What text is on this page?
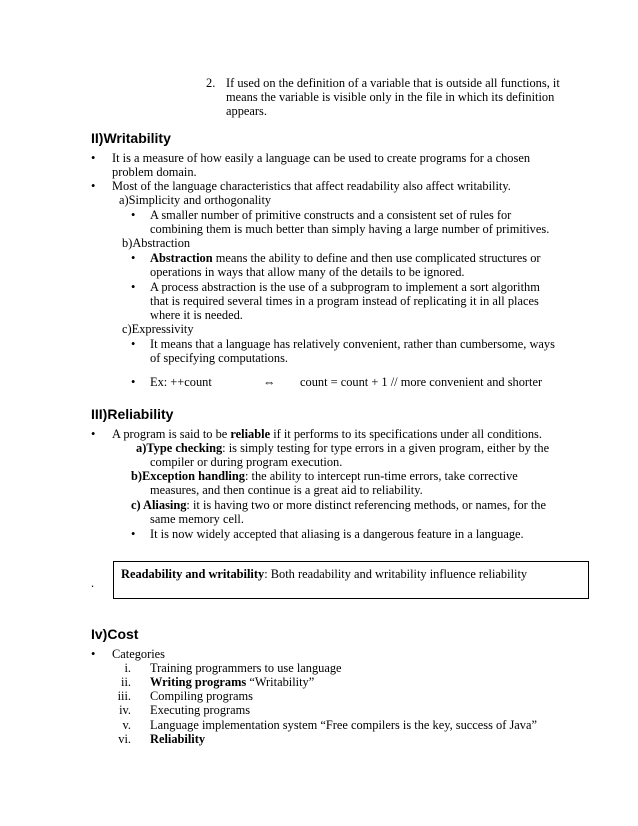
2. If used on the definition of a variable that is outside all functions, it
means the variable is visible only in the file in which its definition
appears.
II)Writability
•	It is a measure of how easily a language can be used to create programs for a chosen
problem domain.
•	Most of the language characteristics that affect readability also affect writability.
a)Simplicity and orthogonality
•	A smaller number of primitive constructs and a consistent set of rules for
combining them is much better than simply having a large number of primitives.
b)Abstraction
•	Abstraction means the ability to define and then use complicated structures or
operations in ways that allow many of the details to be ignored.
•	A process abstraction is the use of a subprogram to implement a sort algorithm
that is required several times in a program instead of replicating it in all places
where it is needed.
c)Expressivity
•	It means that a language has relatively convenient, rather than cumbersome, ways
of specifying computations.
•	Ex: ++count	⇔ count = count + 1 // more convenient and shorter
III)Reliability
•	A program is said to be reliable if it performs to its specifications under all conditions.
a)Type checking: is simply testing for type errors in a given program, either by the
compiler or during program execution.
b)Exception handling: the ability to intercept run-time errors, take corrective
measures, and then continue is a great aid to reliability.
c) Aliasing: it is having two or more distinct referencing methods, or names, for the
same memory cell.
•	It is now widely accepted that aliasing is a dangerous feature in a language.
.
Readability and writability: Both readability and writability influence reliability
Iv)Cost
•	Categories
i. Training programmers to use language
ii. Writing programs “Writability”
iii. Compiling programs
iv. Executing programs
v. Language implementation system “Free compilers is the key, success of Java”
vi. Reliability
